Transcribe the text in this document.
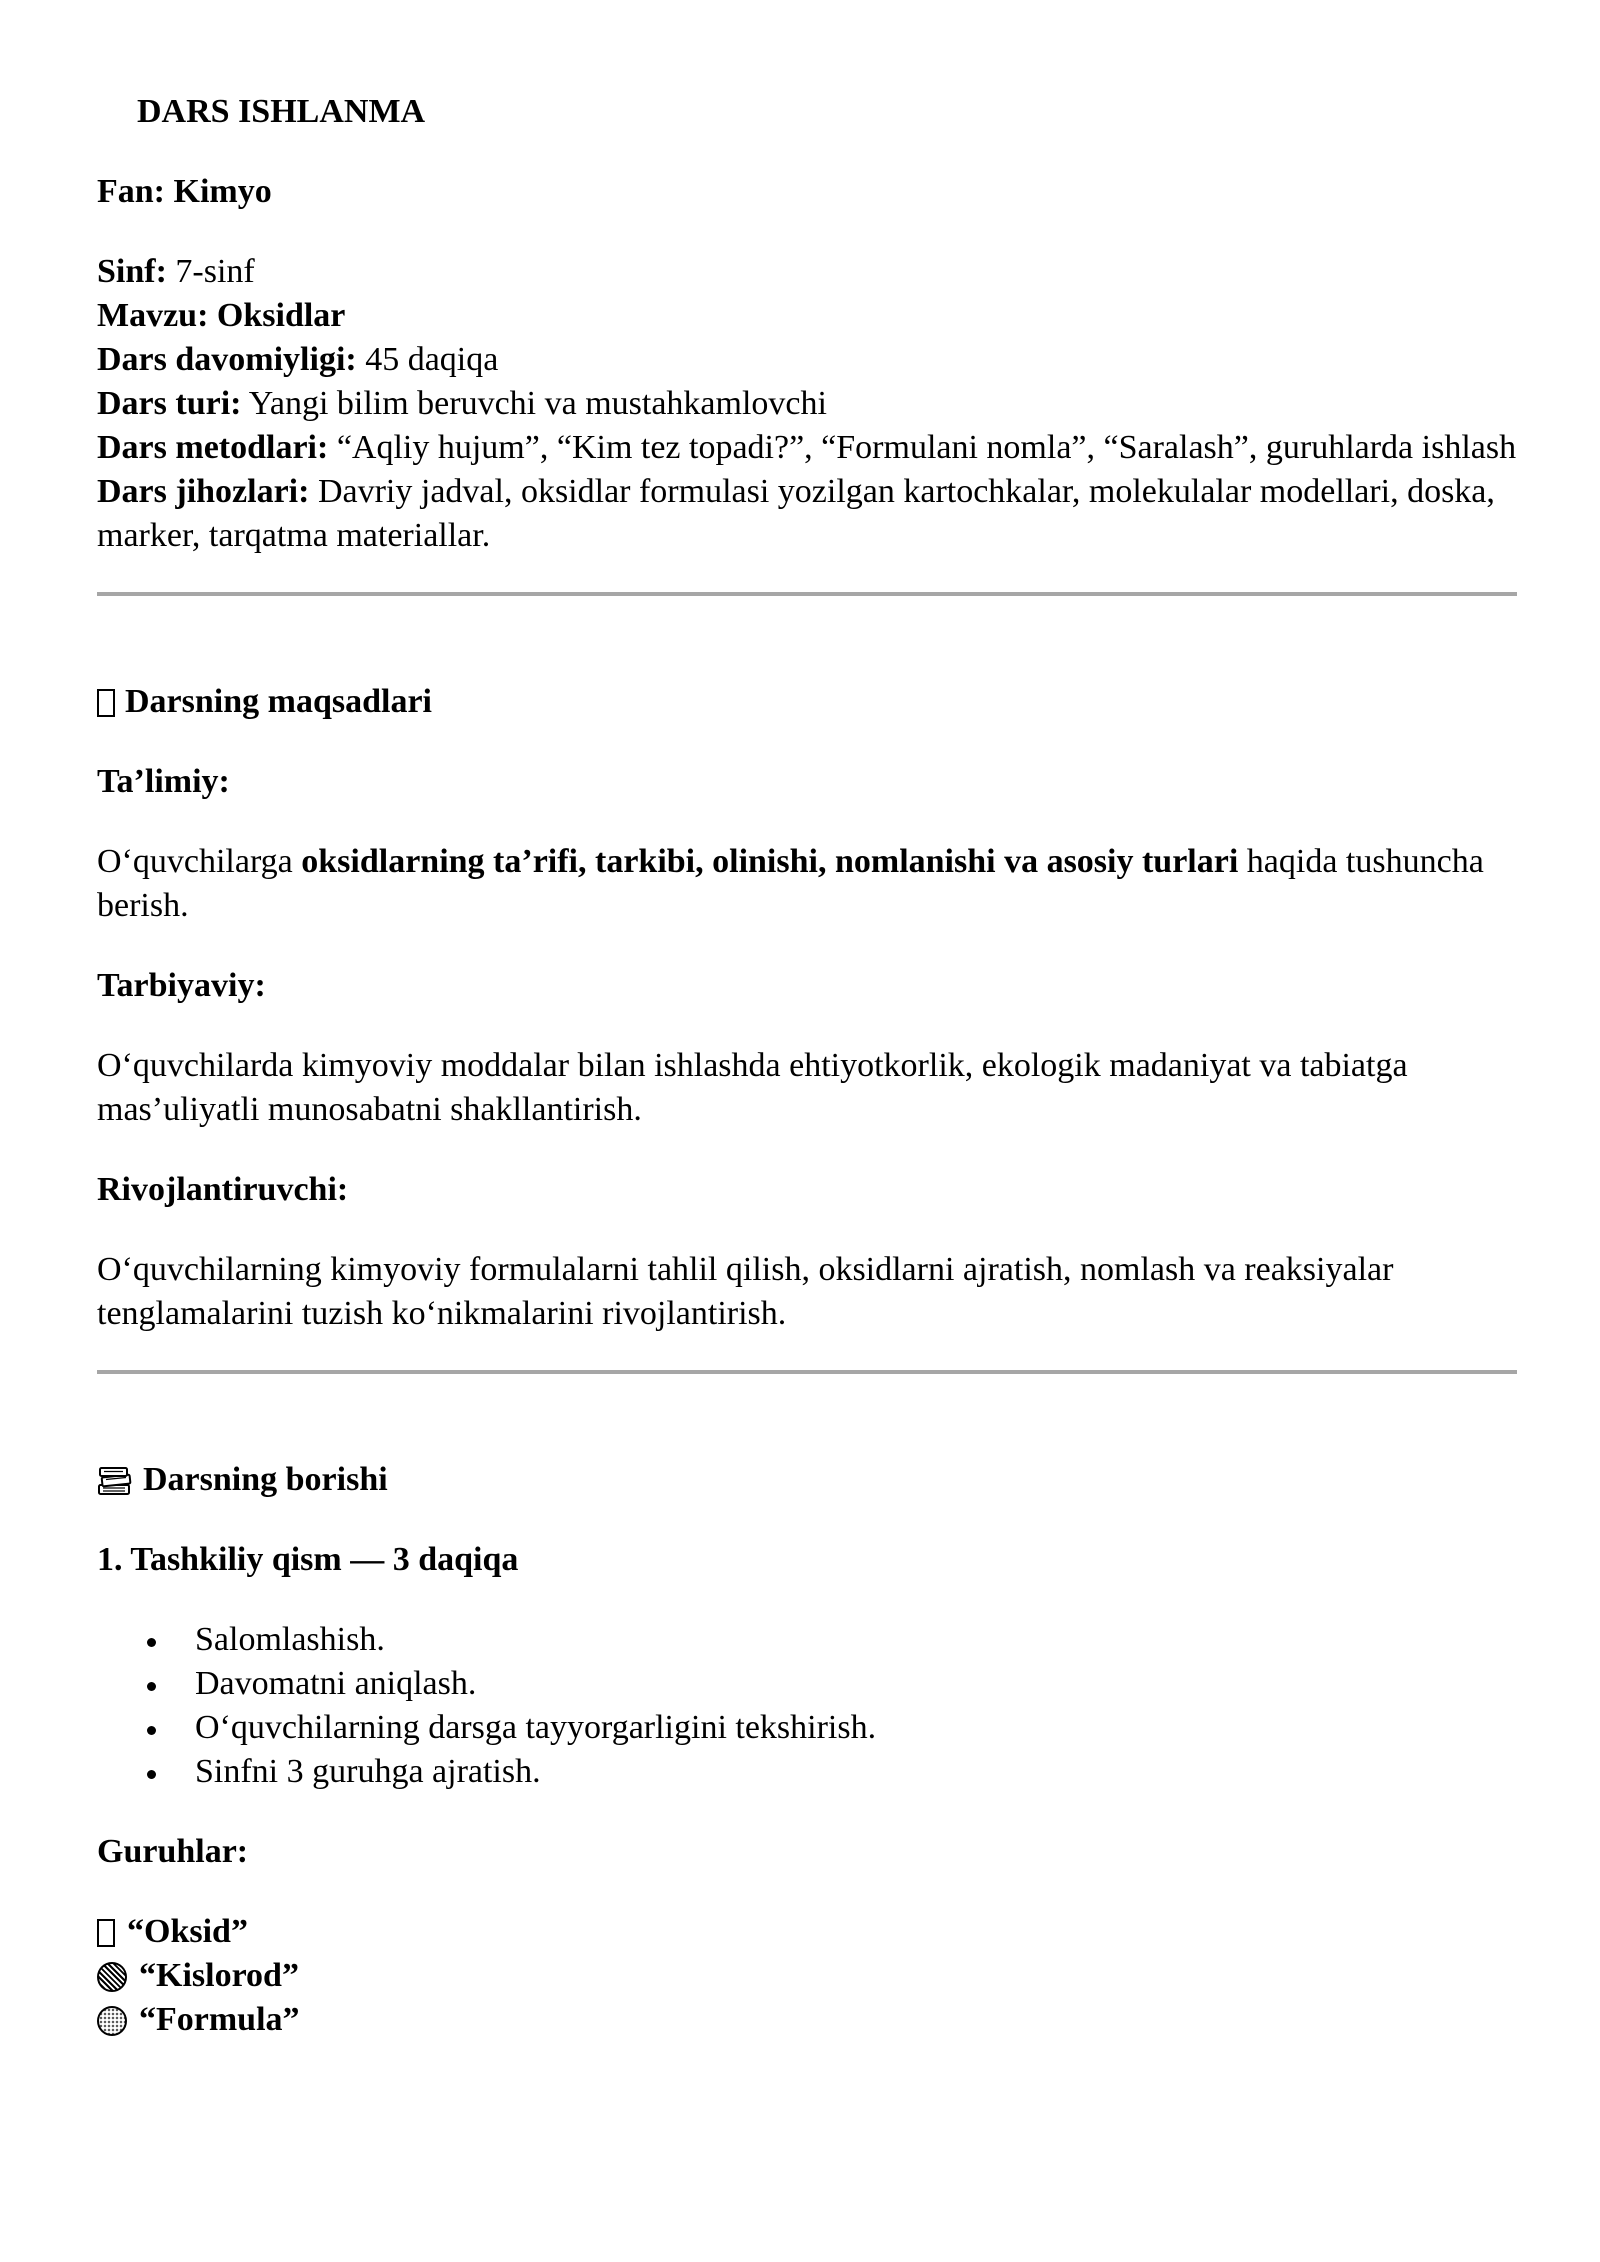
DARS ISHLANMA

Fan: Kimyo

Sinf: 7-sinf

Mavzu: Oksidlar

Dars davomiyligi: 45 daqiqa

Dars turi: Yangi bilim beruvchi va mustahkamlovchi

Dars metodlari: “Aqliy hujum”, “Kim tez topadi?”, “Formulani nomla”, “Saralash”, guruhlarda ishlash

Dars jihozlari: Davriy jadval, oksidlar formulasi yozilgan kartochkalar, molekulalar modellari, doska, marker, tarqatma materiallar.

Darsning maqsadlari

Ta’limiy:

O‘quvchilarga oksidlarning ta’rifi, tarkibi, olinishi, nomlanishi va asosiy turlari haqida tushuncha berish.

Tarbiyaviy:

O‘quvchilarda kimyoviy moddalar bilan ishlashda ehtiyotkorlik, ekologik madaniyat va tabiatga mas’uliyatli munosabatni shakllantirish.

Rivojlantiruvchi:

O‘quvchilarning kimyoviy formulalarni tahlil qilish, oksidlarni ajratish, nomlash va reaksiyalar tenglamalarini tuzish ko‘nikmalarini rivojlantirish.

Darsning borishi

1. Tashkiliy qism — 3 daqiqa

Salomlashish.
Davomatni aniqlash.
O‘quvchilarning darsga tayyorgarligini tekshirish.
Sinfni 3 guruhga ajratish.

Guruhlar:

“Oksid”

“Kislorod”

“Formula”
